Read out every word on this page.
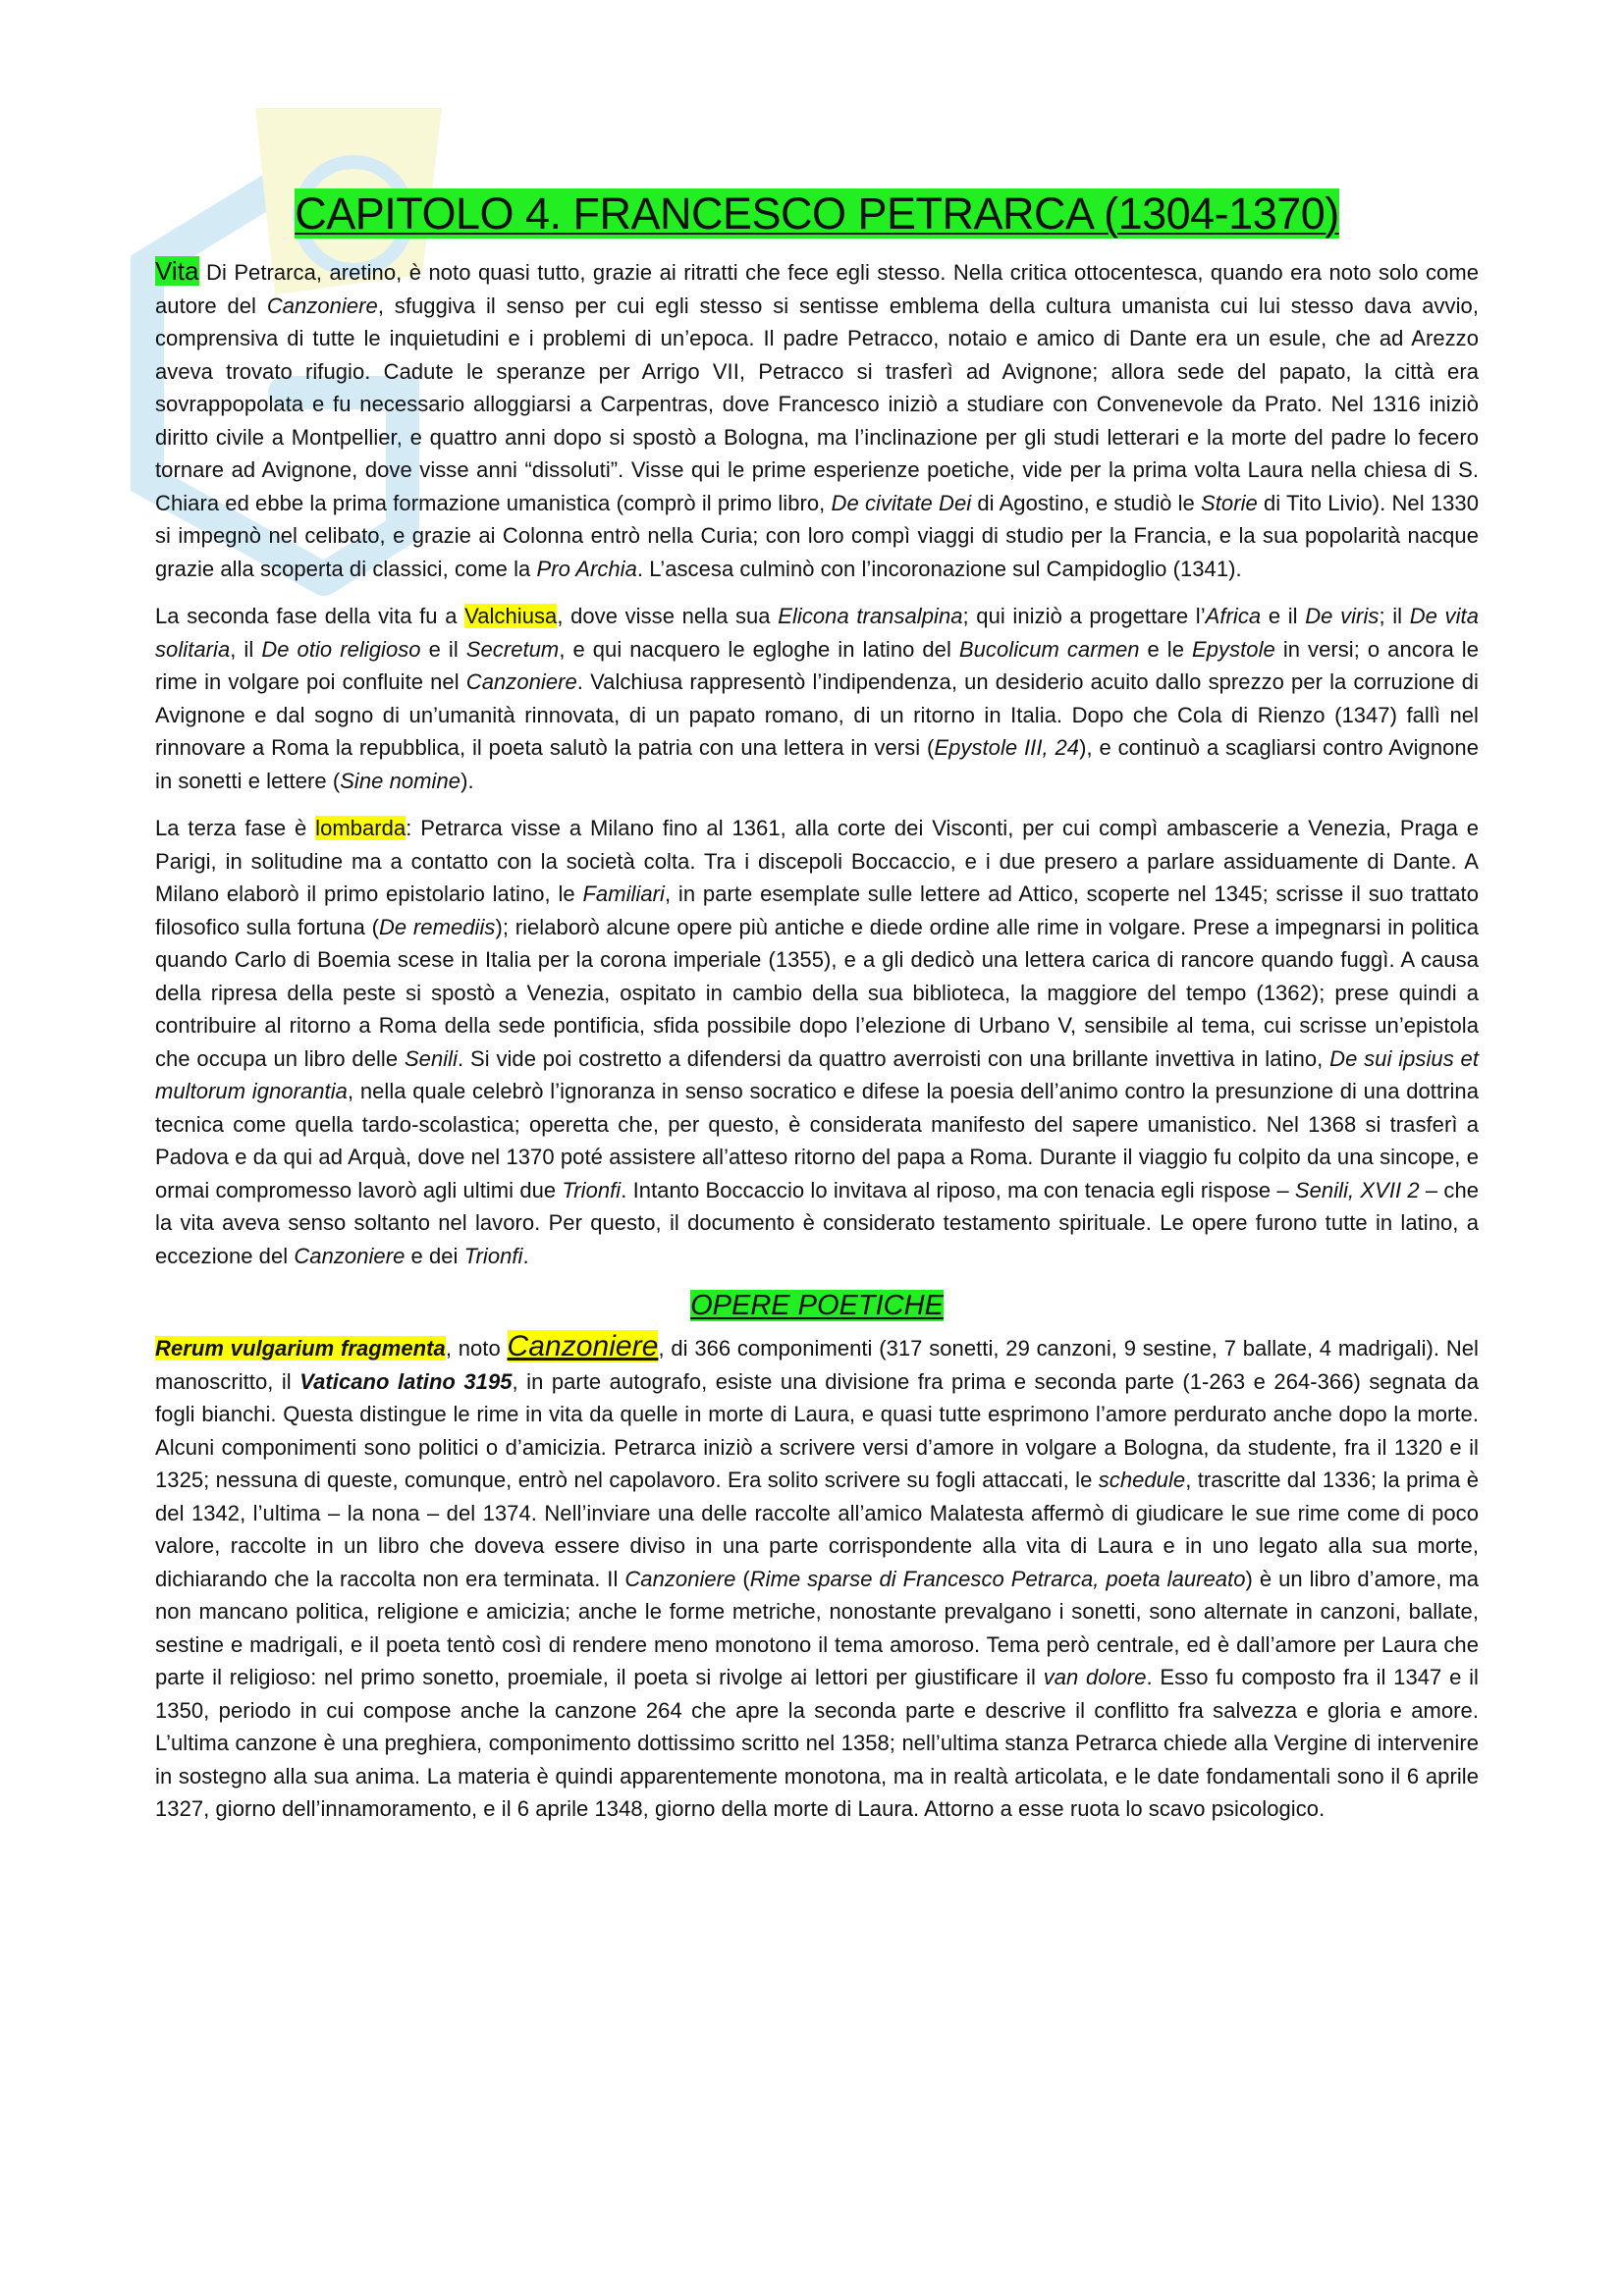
CAPITOLO 4. FRANCESCO PETRARCA (1304-1370)

Vita Di Petrarca, aretino, è noto quasi tutto, grazie ai ritratti che fece egli stesso. Nella critica ottocentesca, quando era noto solo come autore del Canzoniere, sfuggiva il senso per cui egli stesso si sentisse emblema della cultura umanista cui lui stesso dava avvio, comprensiva di tutte le inquietudini e i problemi di un’epoca. Il padre Petracco, notaio e amico di Dante era un esule, che ad Arezzo aveva trovato rifugio. Cadute le speranze per Arrigo VII, Petracco si trasferì ad Avignone; allora sede del papato, la città era sovrappopolata e fu necessario alloggiarsi a Carpentras, dove Francesco iniziò a studiare con Convenevole da Prato. Nel 1316 iniziò diritto civile a Montpellier, e quattro anni dopo si spostò a Bologna, ma l’inclinazione per gli studi letterari e la morte del padre lo fecero tornare ad Avignone, dove visse anni “dissoluti”. Visse qui le prime esperienze poetiche, vide per la prima volta Laura nella chiesa di S. Chiara ed ebbe la prima formazione umanistica (comprò il primo libro, De civitate Dei di Agostino, e studiò le Storie di Tito Livio). Nel 1330 si impegnò nel celibato, e grazie ai Colonna entrò nella Curia; con loro compì viaggi di studio per la Francia, e la sua popolarità nacque grazie alla scoperta di classici, come la Pro Archia. L’ascesa culminò con l’incoronazione sul Campidoglio (1341).

La seconda fase della vita fu a Valchiusa, dove visse nella sua Elicona transalpina; qui iniziò a progettare l’Africa e il De viris; il De vita solitaria, il De otio religioso e il Secretum, e qui nacquero le egloghe in latino del Bucolicum carmen e le Epystole in versi; o ancora le rime in volgare poi confluite nel Canzoniere. Valchiusa rappresentò l’indipendenza, un desiderio acuito dallo sprezzo per la corruzione di Avignone e dal sogno di un’umanità rinnovata, di un papato romano, di un ritorno in Italia. Dopo che Cola di Rienzo (1347) fallì nel rinnovare a Roma la repubblica, il poeta salutò la patria con una lettera in versi (Epystole III, 24), e continuò a scagliarsi contro Avignone in sonetti e lettere (Sine nomine).

La terza fase è lombarda: Petrarca visse a Milano fino al 1361, alla corte dei Visconti, per cui compì ambascerie a Venezia, Praga e Parigi, in solitudine ma a contatto con la società colta. Tra i discepoli Boccaccio, e i due presero a parlare assiduamente di Dante. A Milano elaborò il primo epistolario latino, le Familiari, in parte esemplate sulle lettere ad Attico, scoperte nel 1345; scrisse il suo trattato filosofico sulla fortuna (De remediis); rielaborò alcune opere più antiche e diede ordine alle rime in volgare. Prese a impegnarsi in politica quando Carlo di Boemia scese in Italia per la corona imperiale (1355), e a gli dedicò una lettera carica di rancore quando fuggì. A causa della ripresa della peste si spostò a Venezia, ospitato in cambio della sua biblioteca, la maggiore del tempo (1362); prese quindi a contribuire al ritorno a Roma della sede pontificia, sfida possibile dopo l’elezione di Urbano V, sensibile al tema, cui scrisse un’epistola che occupa un libro delle Senili. Si vide poi costretto a difendersi da quattro averroisti con una brillante invettiva in latino, De sui ipsius et multorum ignorantia, nella quale celebrò l’ignoranza in senso socratico e difese la poesia dell’animo contro la presunzione di una dottrina tecnica come quella tardo-scolastica; operetta che, per questo, è considerata manifesto del sapere umanistico. Nel 1368 si trasferì a Padova e da qui ad Arquà, dove nel 1370 poté assistere all’atteso ritorno del papa a Roma. Durante il viaggio fu colpito da una sincope, e ormai compromesso lavorò agli ultimi due Trionfi. Intanto Boccaccio lo invitava al riposo, ma con tenacia egli rispose – Senili, XVII 2 – che la vita aveva senso soltanto nel lavoro. Per questo, il documento è considerato testamento spirituale. Le opere furono tutte in latino, a eccezione del Canzoniere e dei Trionfi.

OPERE POETICHE

Rerum vulgarium fragmenta, noto Canzoniere, di 366 componimenti (317 sonetti, 29 canzoni, 9 sestine, 7 ballate, 4 madrigali). Nel manoscritto, il Vaticano latino 3195, in parte autografo, esiste una divisione fra prima e seconda parte (1-263 e 264-366) segnata da fogli bianchi. Questa distingue le rime in vita da quelle in morte di Laura, e quasi tutte esprimono l’amore perdurato anche dopo la morte. Alcuni componimenti sono politici o d’amicizia. Petrarca iniziò a scrivere versi d’amore in volgare a Bologna, da studente, fra il 1320 e il 1325; nessuna di queste, comunque, entrò nel capolavoro. Era solito scrivere su fogli attaccati, le schedule, trascritte dal 1336; la prima è del 1342, l’ultima – la nona – del 1374. Nell’inviare una delle raccolte all’amico Malatesta affermò di giudicare le sue rime come di poco valore, raccolte in un libro che doveva essere diviso in una parte corrispondente alla vita di Laura e in uno legato alla sua morte, dichiarando che la raccolta non era terminata. Il Canzoniere (Rime sparse di Francesco Petrarca, poeta laureato) è un libro d’amore, ma non mancano politica, religione e amicizia; anche le forme metriche, nonostante prevalgano i sonetti, sono alternate in canzoni, ballate, sestine e madrigali, e il poeta tentò così di rendere meno monotono il tema amoroso. Tema però centrale, ed è dall’amore per Laura che parte il religioso: nel primo sonetto, proemiale, il poeta si rivolge ai lettori per giustificare il van dolore. Esso fu composto fra il 1347 e il 1350, periodo in cui compose anche la canzone 264 che apre la seconda parte e descrive il conflitto fra salvezza e gloria e amore. L’ultima canzone è una preghiera, componimento dottissimo scritto nel 1358; nell’ultima stanza Petrarca chiede alla Vergine di intervenire in sostegno alla sua anima. La materia è quindi apparentemente monotona, ma in realtà articolata, e le date fondamentali sono il 6 aprile 1327, giorno dell’innamoramento, e il 6 aprile 1348, giorno della morte di Laura. Attorno a esse ruota lo scavo psicologico.
